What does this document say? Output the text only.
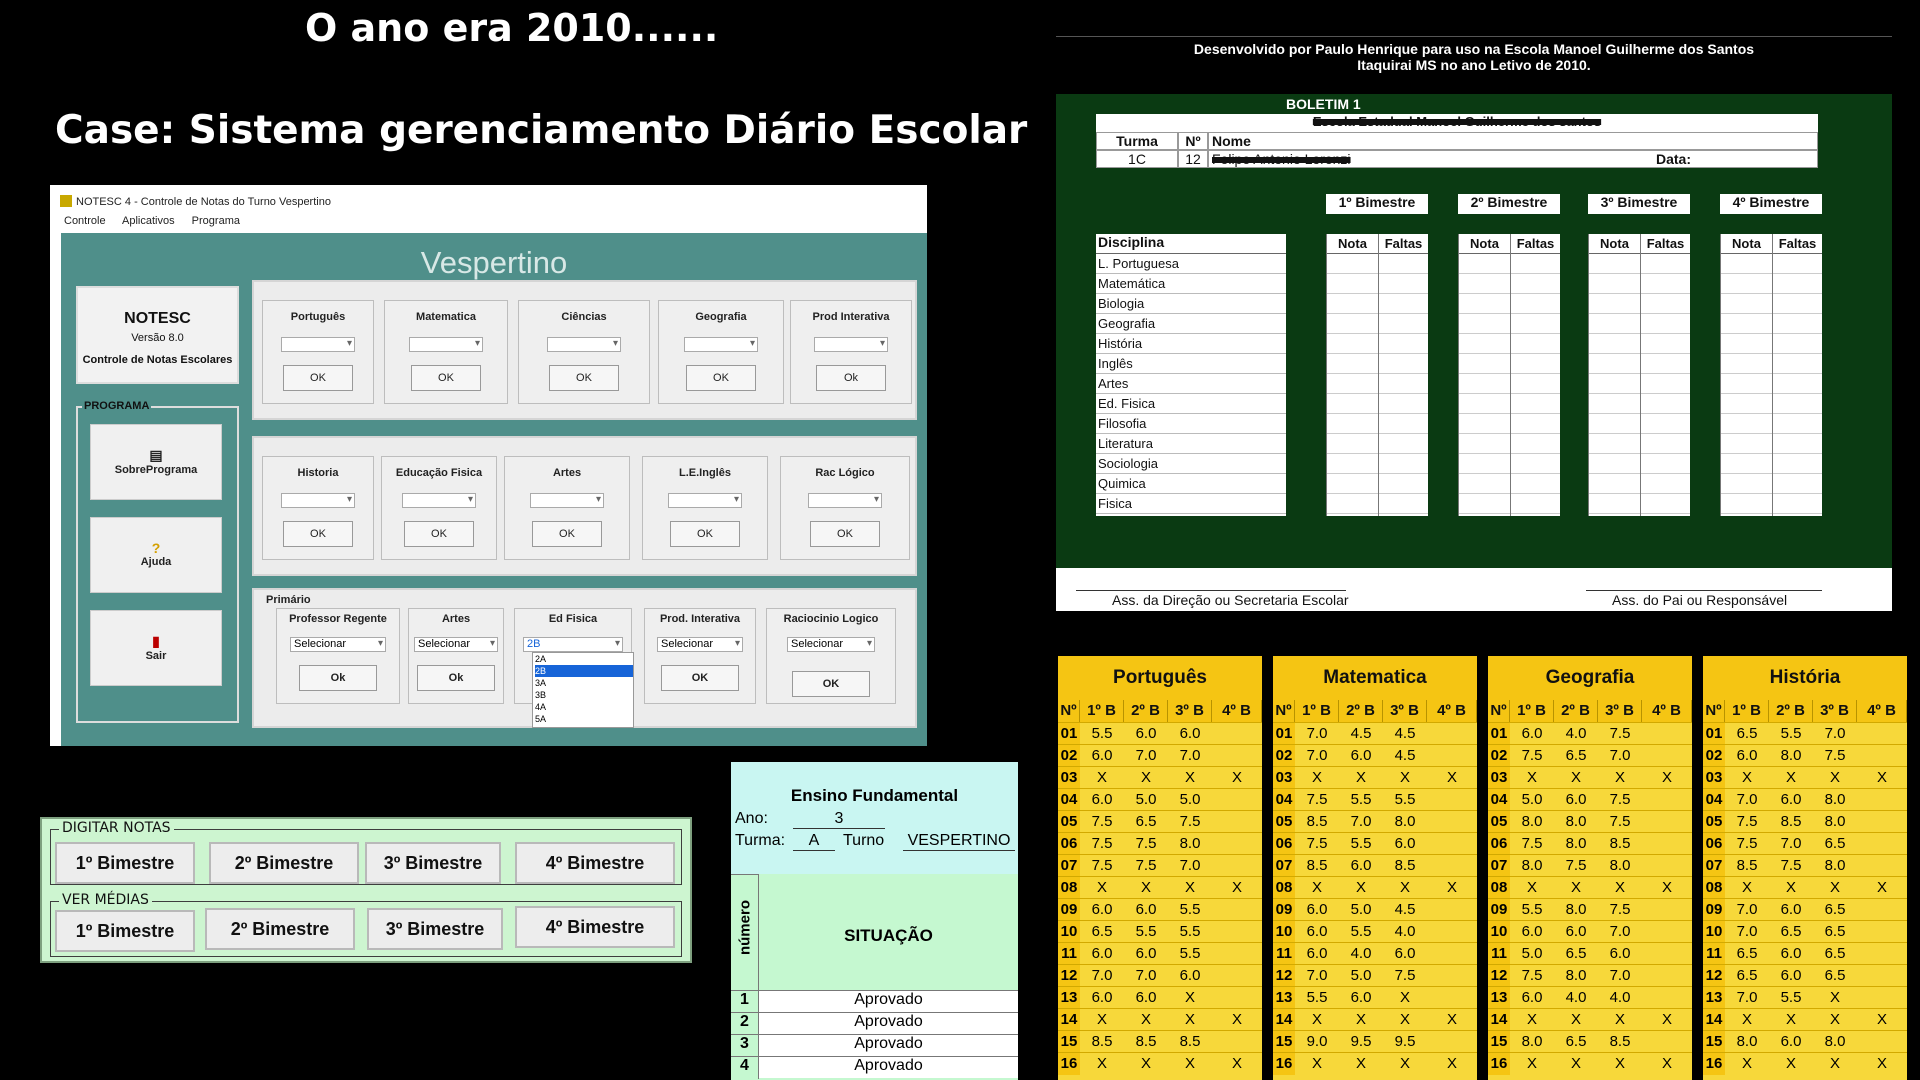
O ano era 2010......
Case: Sistema gerenciamento Diário Escolar
NOTESC 4 - Controle de Notas do Turno Vespertino
Controle Aplicativos Programa
Vespertino
NOTESC
Versão 8.0
Controle de Notas Escolares
PROGRAMA
▤
SobrePrograma
?
Ajuda
▮
Sair
Português
▾
OK
Matematica
▾
OK
Ciências
▾
OK
Geografia
▾
OK
Prod Interativa
▾
Ok
Historia
▾
OK
Educação Fisica
▾
OK
Artes
▾
OK
L.E.Inglês
▾
OK
Rac Lógico
▾
OK
Primário
Professor Regente
Selecionar ▾
Ok
Artes
Selecionar ▾
Ok
Ed Fisica
2B ▾
Prod. Interativa
Selecionar ▾
OK
Raciocinio Logico
Selecionar ▾
OK
2A
2B
3A
3B
4A
5A
DIGITAR NOTAS
1º Bimestre	2º Bimestre	3º Bimestre	4º Bimestre
VER MÉDIAS
1º Bimestre	2º Bimestre	3º Bimestre	4º Bimestre
Ensino Fundamental
Ano:	3
Turma:	A	Turno VESPERTINO
número	SITUAÇÃO
1	Aprovado
2	Aprovado
3	Aprovado
4	Aprovado
Desenvolvido por Paulo Henrique para uso na Escola Manoel Guilherme dos Santos
Itaquirai MS no ano Letivo de 2010.
BOLETIM 1
Escola Estadual Manoel Guilherme dos santos
Turma	Nº Nome
1C	12 Felipe Antonio Lorenzi	Data:
1º Bimestre	2º Bimestre	3º Bimestre	4º Bimestre
Disciplina
L. Portuguesa
Matemática
Biologia
Geografia
História
Inglês
Artes
Ed. Fisica
Filosofia
Literatura
Sociologia
Quimica
Fisica
Nota	Faltas	Nota	Faltas	Nota	Faltas	Nota	Faltas
Ass. da Direção ou Secretaria Escolar	Ass. do Pai ou Responsável
Português
Nº 1º B	2º B	3º B	4º B
01 5.5	6.0	6.0
02 6.0	7.0	7.0
03	X	X	X	X
04 6.0	5.0	5.0
05 7.5	6.5	7.5
06 7.5	7.5	8.0
07 7.5	7.5	7.0
08	X	X	X	X
09 6.0	6.0	5.5
10 6.5	5.5	5.5
11 6.0	6.0	5.5
12 7.0	7.0	6.0
13 6.0	6.0	X
14	X	X	X	X
15 8.5	8.5	8.5
16	X	X	X	X
Matematica
Nº 1º B	2º B	3º B	4º B
01 7.0	4.5	4.5
02 7.0	6.0	4.5
03	X	X	X	X
04 7.5	5.5	5.5
05 8.5	7.0	8.0
06 7.5	5.5	6.0
07 8.5	6.0	8.5
08	X	X	X	X
09 6.0	5.0	4.5
10 6.0	5.5	4.0
11 6.0	4.0	6.0
12 7.0	5.0	7.5
13 5.5	6.0	X
14	X	X	X	X
15 9.0	9.5	9.5
16	X	X	X	X
Geografia
Nº 1º B	2º B	3º B	4º B
01 6.0	4.0	7.5
02 7.5	6.5	7.0
03	X	X	X	X
04 5.0	6.0	7.5
05 8.0	8.0	7.5
06 7.5	8.0	8.5
07 8.0	7.5	8.0
08	X	X	X	X
09 5.5	8.0	7.5
10 6.0	6.0	7.0
11 5.0	6.5	6.0
12 7.5	8.0	7.0
13 6.0	4.0	4.0
14	X	X	X	X
15 8.0	6.5	8.5
16	X	X	X	X
História
Nº 1º B	2º B	3º B	4º B
01 6.5	5.5	7.0
02 6.0	8.0	7.5
03	X	X	X	X
04 7.0	6.0	8.0
05 7.5	8.5	8.0
06 7.5	7.0	6.5
07 8.5	7.5	8.0
08	X	X	X	X
09 7.0	6.0	6.5
10 7.0	6.5	6.5
11 6.5	6.0	6.5
12 6.5	6.0	6.5
13 7.0	5.5	X
14	X	X	X	X
15 8.0	6.0	8.0
16	X	X	X	X
